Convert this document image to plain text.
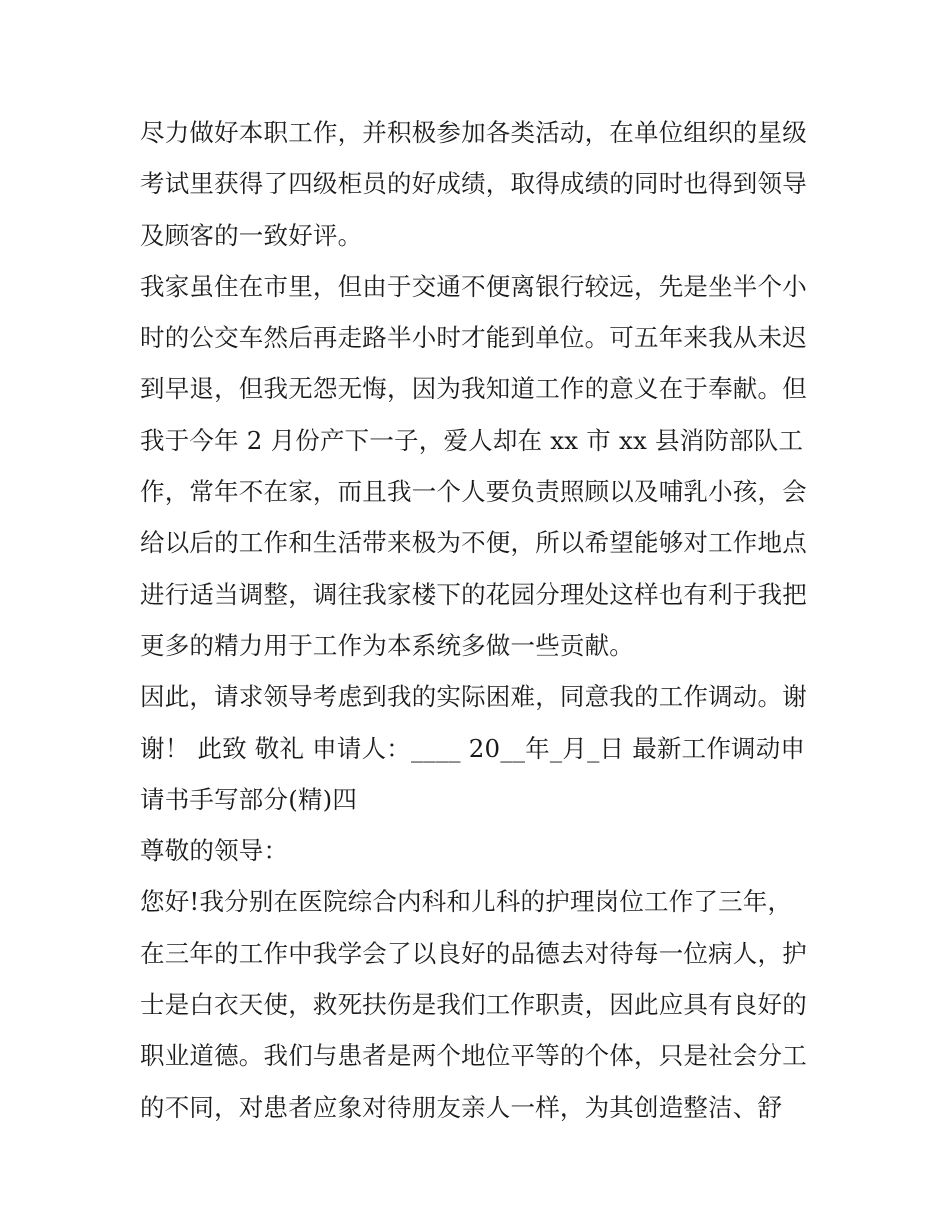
尽力做好本职工作，并积极参加各类活动，在单位组织的星级
考试里获得了四级柜员的好成绩，取得成绩的同时也得到领导
及顾客的一致好评。
我家虽住在市里，但由于交通不便离银行较远，先是坐半个小
时的公交车然后再走路半小时才能到单位。可五年来我从未迟
到早退，但我无怨无悔，因为我知道工作的意义在于奉献。但
我于今年 2 月份产下一子，爱人却在 xx 市 xx 县消防部队工
作，常年不在家，而且我一个人要负责照顾以及哺乳小孩，会
给以后的工作和生活带来极为不便，所以希望能够对工作地点
进行适当调整，调往我家楼下的花园分理处这样也有利于我把
更多的精力用于工作为本系统多做一些贡献。
因此，请求领导考虑到我的实际困难，同意我的工作调动。谢
谢！ 此致 敬礼 申请人：____ 20__年_月_日 最新工作调动申
请书手写部分(精)四
尊敬的领导：
您好!我分别在医院综合内科和儿科的护理岗位工作了三年，
在三年的工作中我学会了以良好的品德去对待每一位病人，护
士是白衣天使，救死扶伤是我们工作职责，因此应具有良好的
职业道德。我们与患者是两个地位平等的个体，只是社会分工
的不同，对患者应象对待朋友亲人一样，为其创造整洁、舒
